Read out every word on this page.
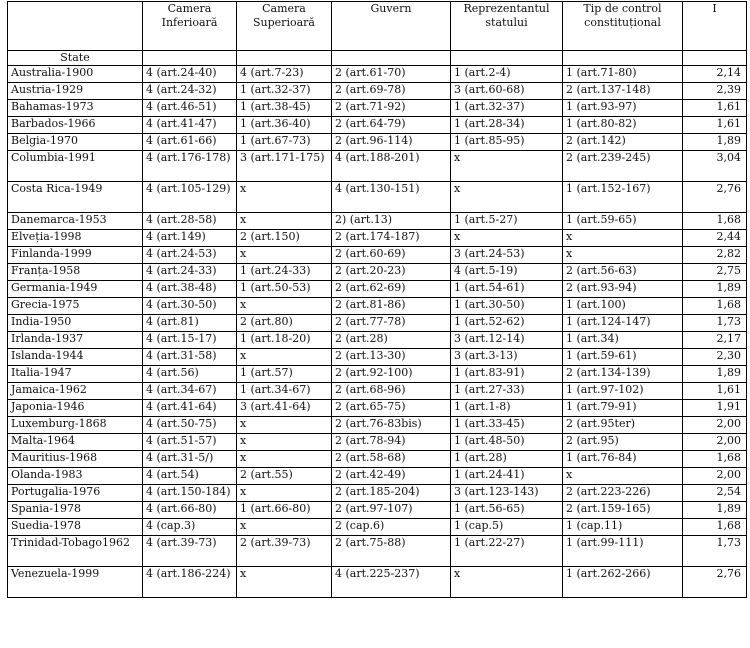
	Camera Inferioară	Camera Superioară	Guvern	Reprezentantul statului	Tip de control constituțional	I
State						
Australia-1900	4 (art.24-40)	4 (art.7-23)	2 (art.61-70)	1 (art.2-4)	1 (art.71-80)	2,14
Austria-1929	4 (art.24-32)	1 (art.32-37)	2 (art.69-78)	3 (art.60-68)	2 (art.137-148)	2,39
Bahamas-1973	4 (art.46-51)	1 (art.38-45)	2 (art.71-92)	1 (art.32-37)	1 (art.93-97)	1,61
Barbados-1966	4 (art.41-47)	1 (art.36-40)	2 (art.64-79)	1 (art.28-34)	1 (art.80-82)	1,61
Belgia-1970	4 (art.61-66)	1 (art.67-73)	2 (art.96-114)	1 (art.85-95)	2 (art.142)	1,89
Columbia-1991	4 (art.176-178)	3 (art.171-175)	4 (art.188-201)	x	2 (art.239-245)	3,04
Costa Rica-1949	4 (art.105-129)	x	4 (art.130-151)	x	1 (art.152-167)	2,76
Danemarca-1953	4 (art.28-58)	x	2) (art.13)	1 (art.5-27)	1 (art.59-65)	1,68
Elveția-1998	4 (art.149)	2 (art.150)	2 (art.174-187)	x	x	2,44
Finlanda-1999	4 (art.24-53)	x	2 (art.60-69)	3 (art.24-53)	x	2,82
Franța-1958	4 (art.24-33)	1 (art.24-33)	2 (art.20-23)	4 (art.5-19)	2 (art.56-63)	2,75
Germania-1949	4 (art.38-48)	1 (art.50-53)	2 (art.62-69)	1 (art.54-61)	2 (art.93-94)	1,89
Grecia-1975	4 (art.30-50)	x	2 (art.81-86)	1 (art.30-50)	1 (art.100)	1,68
India-1950	4 (art.81)	2 (art.80)	2 (art.77-78)	1 (art.52-62)	1 (art.124-147)	1,73
Irlanda-1937	4 (art.15-17)	1 (art.18-20)	2 (art.28)	3 (art.12-14)	1 (art.34)	2,17
Islanda-1944	4 (art.31-58)	x	2 (art.13-30)	3 (art.3-13)	1 (art.59-61)	2,30
Italia-1947	4 (art.56)	1 (art.57)	2 (art.92-100)	1 (art.83-91)	2 (art.134-139)	1,89
Jamaica-1962	4 (art.34-67)	1 (art.34-67)	2 (art.68-96)	1 (art.27-33)	1 (art.97-102)	1,61
Japonia-1946	4 (art.41-64)	3 (art.41-64)	2 (art.65-75)	1 (art.1-8)	1 (art.79-91)	1,91
Luxemburg-1868	4 (art.50-75)	x	2 (art.76-83bis)	1 (art.33-45)	2 (art.95ter)	2,00
Malta-1964	4 (art.51-57)	x	2 (art.78-94)	1 (art.48-50)	2 (art.95)	2,00
Mauritius-1968	4 (art.31-5/)	x	2 (art.58-68)	1 (art.28)	1 (art.76-84)	1,68
Olanda-1983	4 (art.54)	2 (art.55)	2 (art.42-49)	1 (art.24-41)	x	2,00
Portugalia-1976	4 (art.150-184)	x	2 (art.185-204)	3 (art.123-143)	2 (art.223-226)	2,54
Spania-1978	4 (art.66-80)	1 (art.66-80)	2 (art.97-107)	1 (art.56-65)	2 (art.159-165)	1,89
Suedia-1978	4 (cap.3)	x	2 (cap.6)	1 (cap.5)	1 (cap.11)	1,68
Trinidad-Tobago1962	4 (art.39-73)	2 (art.39-73)	2 (art.75-88)	1 (art.22-27)	1 (art.99-111)	1,73
Venezuela-1999	4 (art.186-224)	x	4 (art.225-237)	x	1 (art.262-266)	2,76
